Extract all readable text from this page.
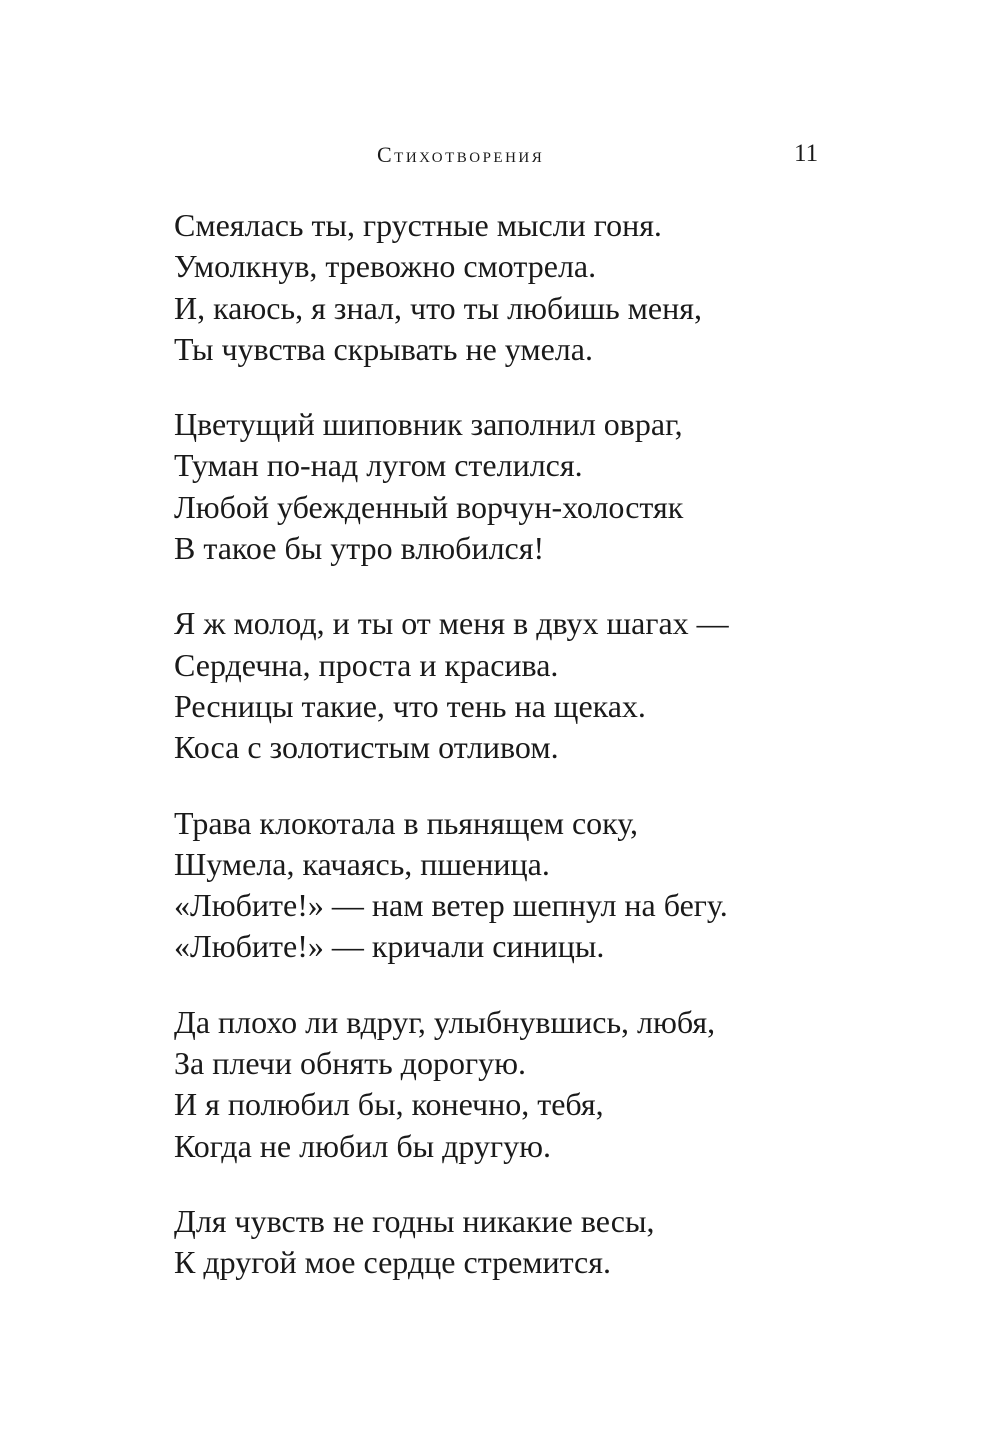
Стихотворения	11
Смеялась ты, грустные мысли гоня.
Умолкнув, тревожно смотрела.
И, каюсь, я знал, что ты любишь меня,
Ты чувства скрывать не умела.
Цветущий шиповник заполнил овраг,
Туман по-над лугом стелился.
Любой убежденный ворчун-холостяк
В такое бы утро влюбился!
Я ж молод, и ты от меня в двух шагах —
Сердечна, проста и красива.
Ресницы такие, что тень на щеках.
Коса с золотистым отливом.
Трава клокотала в пьянящем соку,
Шумела, качаясь, пшеница.
«Любите!» — нам ветер шепнул на бегу.
«Любите!» — кричали синицы.
Да плохо ли вдруг, улыбнувшись, любя,
За плечи обнять дорогую.
И я полюбил бы, конечно, тебя,
Когда не любил бы другую.
Для чувств не годны никакие весы,
К другой мое сердце стремится.
